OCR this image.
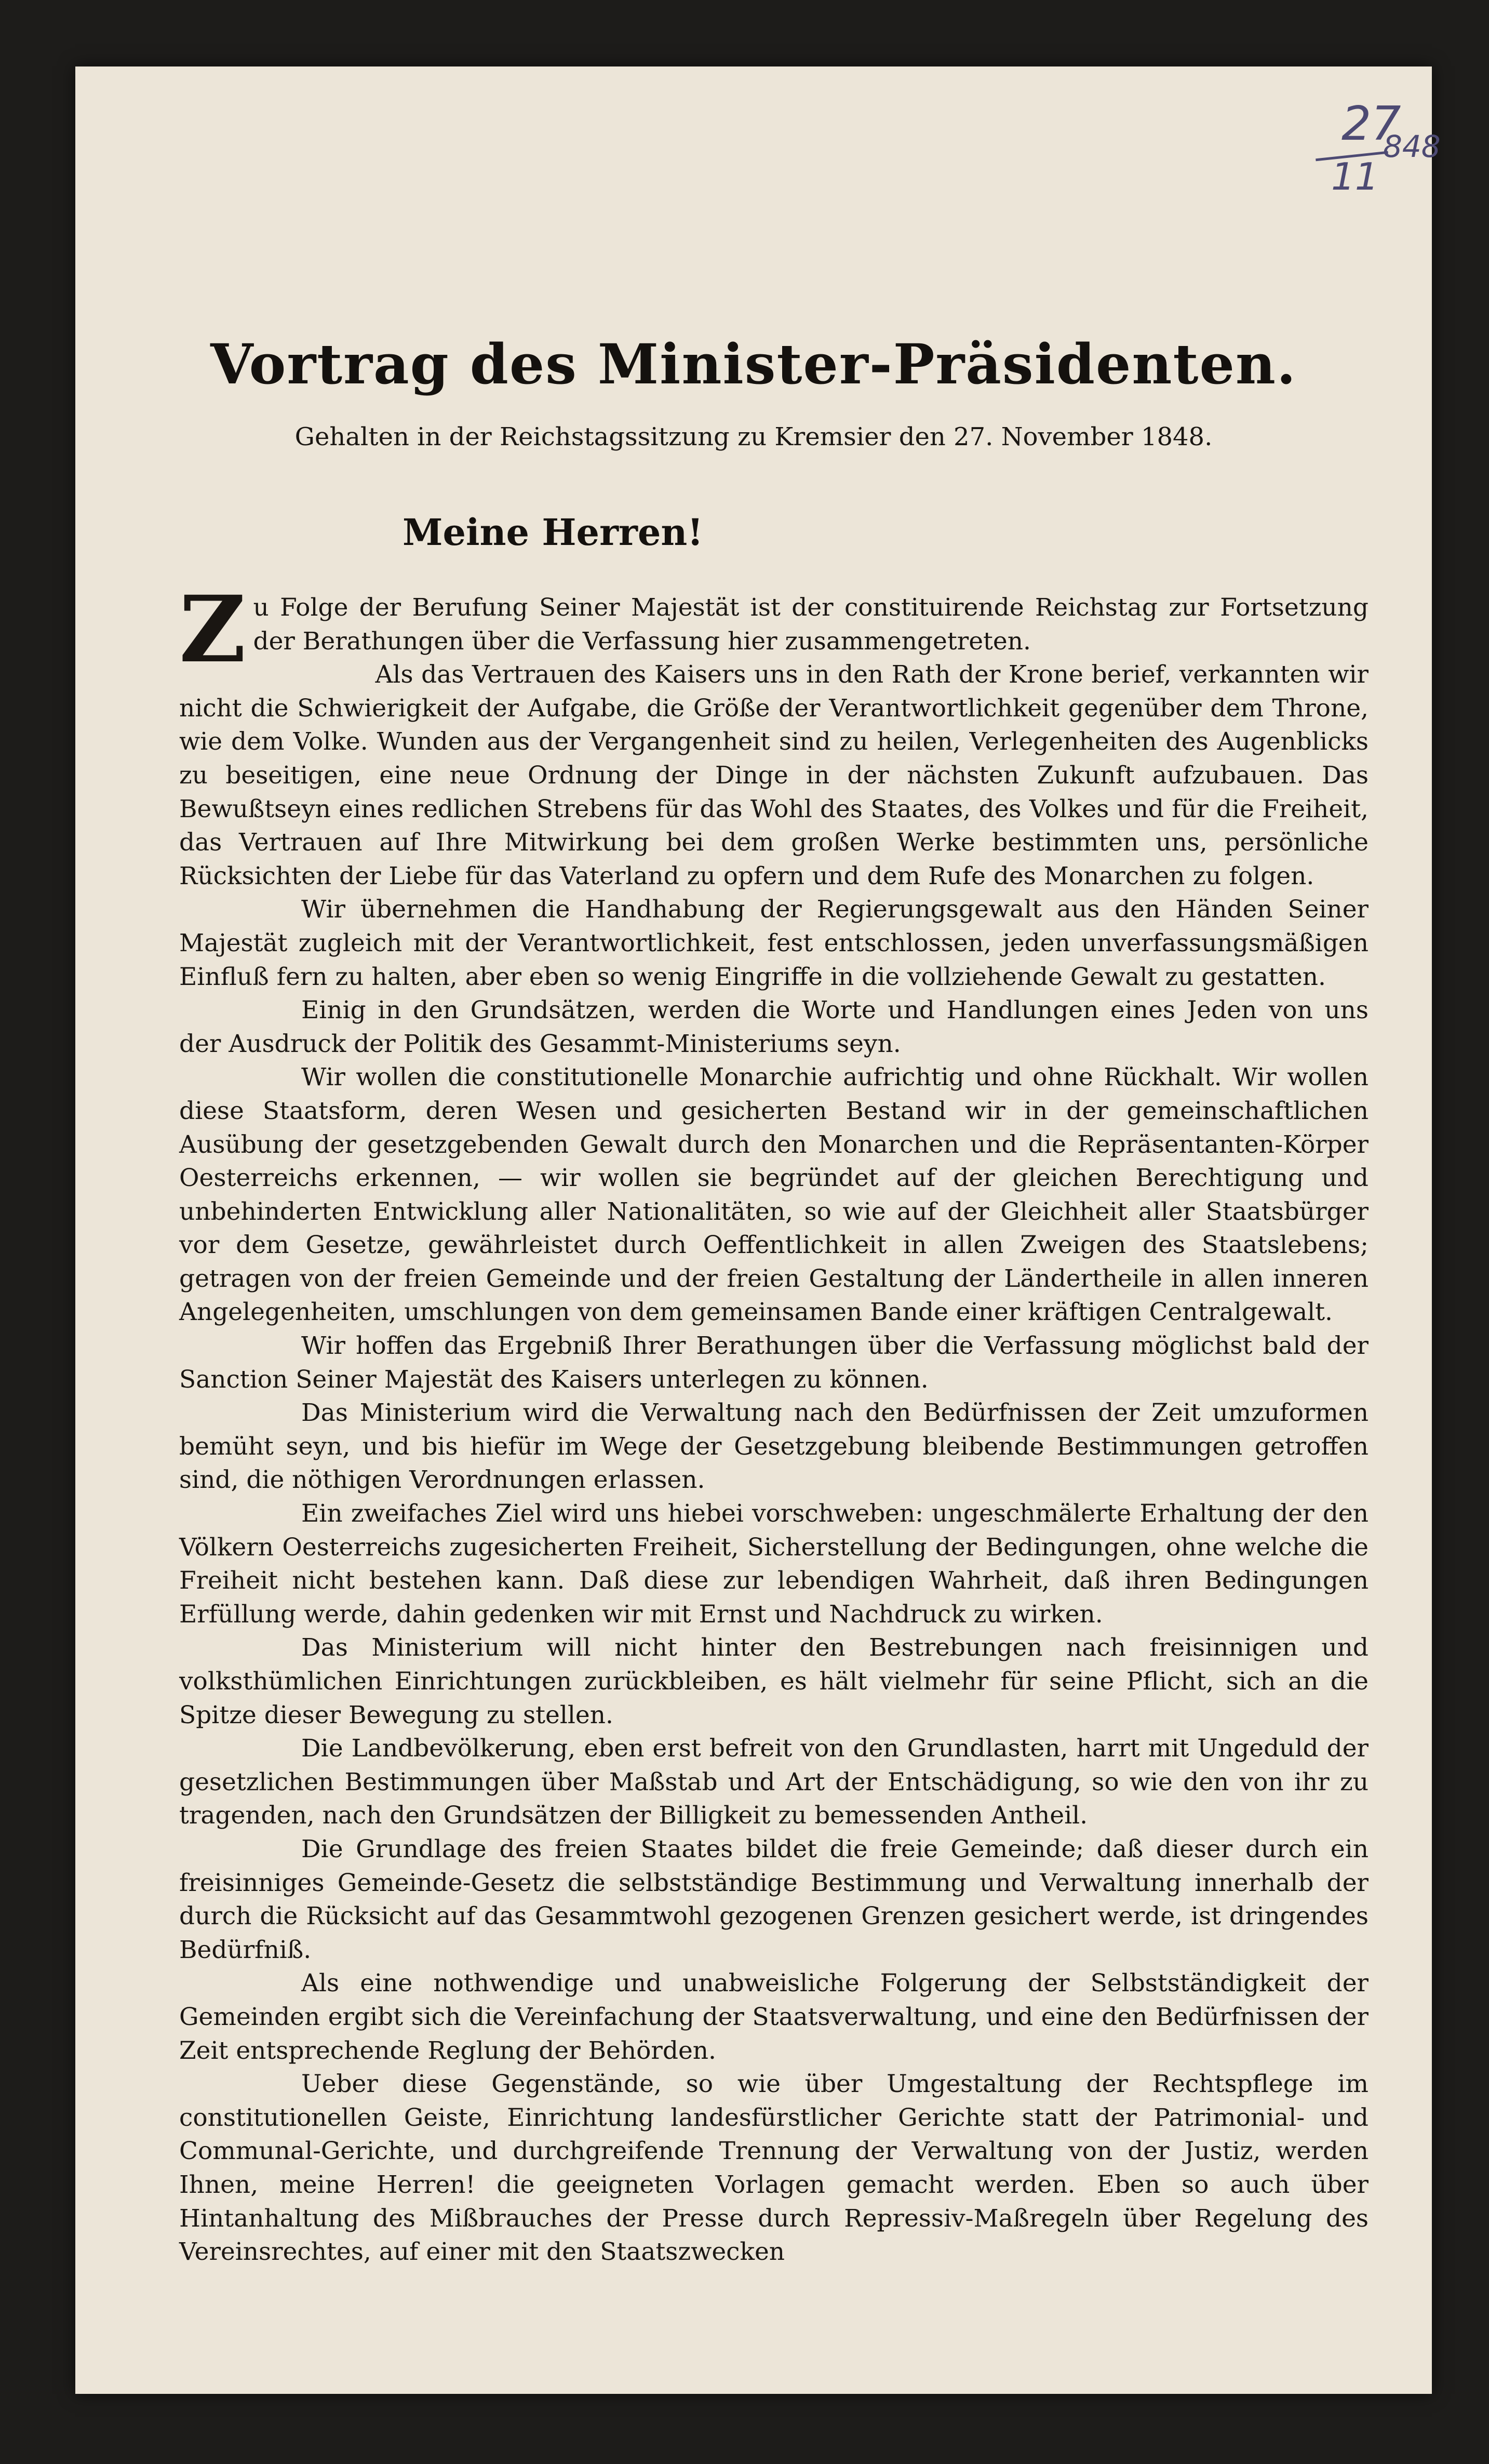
27
11
848
Vortrag des Minister-Präsidenten.
Gehalten in der Reichstagssitzung zu Kremsier den 27. November 1848.
Meine Herren!

Zu Folge der Berufung Seiner Majestät ist der constituirende Reichstag zur Fortsetzung der Berathungen über die Verfassung hier zusammengetreten.

Als das Vertrauen des Kaisers uns in den Rath der Krone berief, verkannten wir nicht die Schwierigkeit der Aufgabe, die Größe der Verantwortlichkeit gegenüber dem Throne, wie dem Volke. Wunden aus der Vergangenheit sind zu heilen, Verlegenheiten des Augenblicks zu beseitigen, eine neue Ordnung der Dinge in der nächsten Zukunft aufzubauen. Das Bewußtseyn eines redlichen Strebens für das Wohl des Staates, des Volkes und für die Freiheit, das Vertrauen auf Ihre Mitwirkung bei dem großen Werke bestimmten uns, persönliche Rücksichten der Liebe für das Vaterland zu opfern und dem Rufe des Monarchen zu folgen.

Wir übernehmen die Handhabung der Regierungsgewalt aus den Händen Seiner Majestät zugleich mit der Verantwortlichkeit, fest entschlossen, jeden unverfassungsmäßigen Einfluß fern zu halten, aber eben so wenig Eingriffe in die vollziehende Gewalt zu gestatten.

Einig in den Grundsätzen, werden die Worte und Handlungen eines Jeden von uns der Ausdruck der Politik des Gesammt-Ministeriums seyn.

Wir wollen die constitutionelle Monarchie aufrichtig und ohne Rückhalt. Wir wollen diese Staatsform, deren Wesen und gesicherten Bestand wir in der gemeinschaftlichen Ausübung der gesetzgebenden Gewalt durch den Monarchen und die Repräsentanten-Körper Oesterreichs erkennen, — wir wollen sie begründet auf der gleichen Berechtigung und unbehinderten Entwicklung aller Nationalitäten, so wie auf der Gleichheit aller Staatsbürger vor dem Gesetze, gewährleistet durch Oeffentlichkeit in allen Zweigen des Staatslebens; getragen von der freien Gemeinde und der freien Gestaltung der Ländertheile in allen inneren Angelegenheiten, umschlungen von dem gemeinsamen Bande einer kräftigen Centralgewalt.

Wir hoffen das Ergebniß Ihrer Berathungen über die Verfassung möglichst bald der Sanction Seiner Majestät des Kaisers unterlegen zu können.

Das Ministerium wird die Verwaltung nach den Bedürfnissen der Zeit umzuformen bemüht seyn, und bis hiefür im Wege der Gesetzgebung bleibende Bestimmungen getroffen sind, die nöthigen Verordnungen erlassen.

Ein zweifaches Ziel wird uns hiebei vorschweben: ungeschmälerte Erhaltung der den Völkern Oesterreichs zugesicherten Freiheit, Sicherstellung der Bedingungen, ohne welche die Freiheit nicht bestehen kann. Daß diese zur lebendigen Wahrheit, daß ihren Bedingungen Erfüllung werde, dahin gedenken wir mit Ernst und Nachdruck zu wirken.

Das Ministerium will nicht hinter den Bestrebungen nach freisinnigen und volksthümlichen Einrichtungen zurückbleiben, es hält vielmehr für seine Pflicht, sich an die Spitze dieser Bewegung zu stellen.

Die Landbevölkerung, eben erst befreit von den Grundlasten, harrt mit Ungeduld der gesetzlichen Bestimmungen über Maßstab und Art der Entschädigung, so wie den von ihr zu tragenden, nach den Grundsätzen der Billigkeit zu bemessenden Antheil.

Die Grundlage des freien Staates bildet die freie Gemeinde; daß dieser durch ein freisinniges Gemeinde-Gesetz die selbstständige Bestimmung und Verwaltung innerhalb der durch die Rücksicht auf das Gesammtwohl gezogenen Grenzen gesichert werde, ist dringendes Bedürfniß.

Als eine nothwendige und unabweisliche Folgerung der Selbstständigkeit der Gemeinden ergibt sich die Vereinfachung der Staatsverwaltung, und eine den Bedürfnissen der Zeit entsprechende Reglung der Behörden.

Ueber diese Gegenstände, so wie über Umgestaltung der Rechtspflege im constitutionellen Geiste, Einrichtung landesfürstlicher Gerichte statt der Patrimonial- und Communal-Gerichte, und durchgreifende Trennung der Verwaltung von der Justiz, werden Ihnen, meine Herren! die geeigneten Vorlagen gemacht werden. Eben so auch über Hintanhaltung des Mißbrauches der Presse durch Repressiv-Maßregeln über Regelung des Vereinsrechtes, auf einer mit den Staatszwecken
